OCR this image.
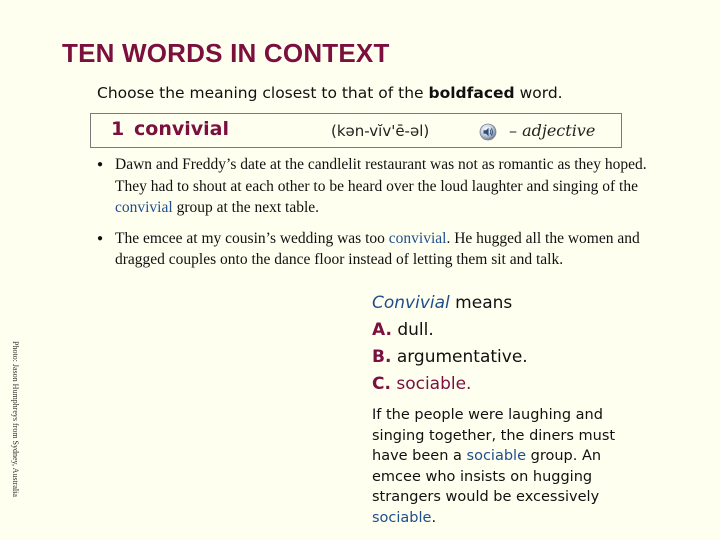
TEN WORDS IN CONTEXT
Choose the meaning closest to that of the boldfaced word.
1 convivial	(kən-vĭv'ē-əl)	– adjective
● Dawn and Freddy’s date at the candlelit restaurant was not as romantic as they hoped. They had to shout at each other to be heard over the loud laughter and singing of the convivial group at the next table.
● The emcee at my cousin’s wedding was too convivial. He hugged all the women and dragged couples onto the dance floor instead of letting them sit and talk.
Photo: Jason Humphreys from Sydney, Australia
Convivial means
A. dull.
B. argumentative.
C. sociable.
If the people were laughing and singing together, the diners must have been a sociable group. An emcee who insists on hugging strangers would be excessively sociable.
